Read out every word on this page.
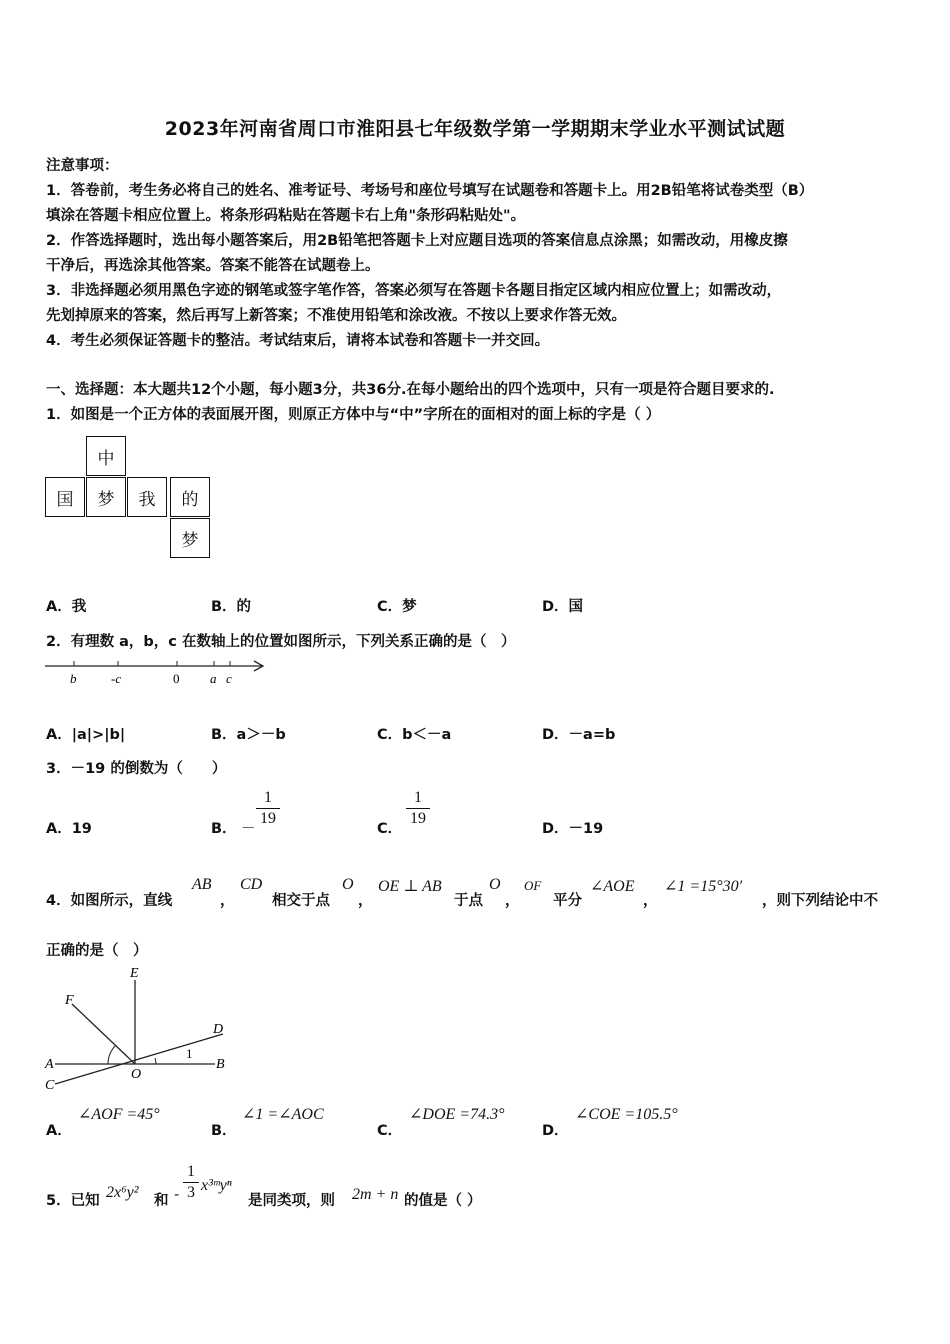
2023年河南省周口市淮阳县七年级数学第一学期期末学业水平测试试题
注意事项：
1．答卷前，考生务必将自己的姓名、准考证号、考场号和座位号填写在试题卷和答题卡上。用2B铅笔将试卷类型（B）
填涂在答题卡相应位置上。将条形码粘贴在答题卡右上角"条形码粘贴处"。
2．作答选择题时，选出每小题答案后，用2B铅笔把答题卡上对应题目选项的答案信息点涂黑；如需改动，用橡皮擦
干净后，再选涂其他答案。答案不能答在试题卷上。
3．非选择题必须用黑色字迹的钢笔或签字笔作答，答案必须写在答题卡各题目指定区域内相应位置上；如需改动，
先划掉原来的答案，然后再写上新答案；不准使用铅笔和涂改液。不按以上要求作答无效。
4．考生必须保证答题卡的整洁。考试结束后，请将本试卷和答题卡一并交回。
一、选择题：本大题共12个小题，每小题3分，共36分.在每小题给出的四个选项中，只有一项是符合题目要求的.
1．如图是一个正方体的表面展开图，则原正方体中与“中”字所在的面相对的面上标的字是（ ）
中
国	梦	我	的
梦
A．我	B．的	C．梦	D．国
2．有理数 a，b，c 在数轴上的位置如图所示，下列关系正确的是（　）
b	-c	0 a c
A．|a|>|b|	B．a＞－b	C．b＜－a	D．－a=b
3．－19 的倒数为（　　）
A．19	B． －
1
19
C．
1
19
D．－19
4．如图所示，直线
AB
，
CD
相交于点
O
，
OE ⊥ AB
于点
O
，
OF
平分
∠AOE
，
∠1 =15°30′
，则下列结论中不
正确的是（　）
E
F
D
A
1
B
C
O
A．
∠AOF =45°
B．
∠1 =∠AOC
C．
∠DOE =74.3°
D．
∠COE =105.5°
5．已知 2x⁶y² 和 -
1
3 x³ᵐyⁿ
是同类项，则 2m + n 的值是（ ）
